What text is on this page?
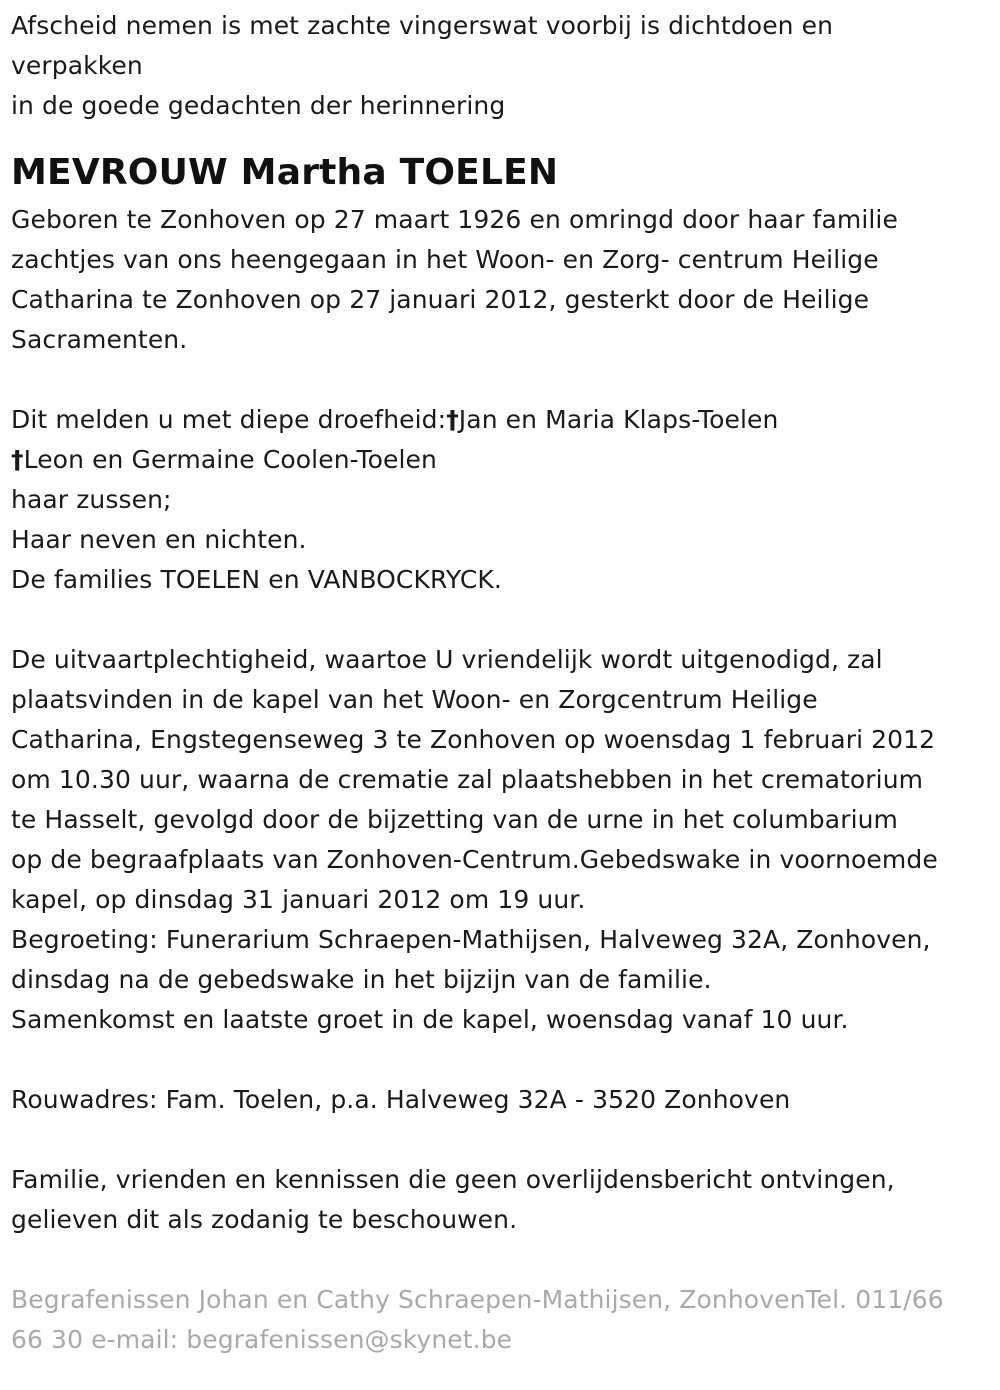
Afscheid nemen is met zachte vingerswat voorbij is dichtdoen en
verpakken
in de goede gedachten der herinnering
MEVROUW Martha TOELEN
Geboren te Zonhoven op 27 maart 1926 en omringd door haar familie
zachtjes van ons heengegaan in het Woon- en Zorg- centrum Heilige
Catharina te Zonhoven op 27 januari 2012, gesterkt door de Heilige
Sacramenten.
Dit melden u met diepe droefheid:†Jan en Maria Klaps-Toelen
†Leon en Germaine Coolen-Toelen
haar zussen;
Haar neven en nichten.
De families TOELEN en VANBOCKRYCK.
De uitvaartplechtigheid, waartoe U vriendelijk wordt uitgenodigd, zal
plaatsvinden in de kapel van het Woon- en Zorgcentrum Heilige
Catharina, Engstegenseweg 3 te Zonhoven op woensdag 1 februari 2012
om 10.30 uur, waarna de crematie zal plaatshebben in het crematorium
te Hasselt, gevolgd door de bijzetting van de urne in het columbarium
op de begraafplaats van Zonhoven-Centrum.Gebedswake in voornoemde
kapel, op dinsdag 31 januari 2012 om 19 uur.
Begroeting: Funerarium Schraepen-Mathijsen, Halveweg 32A, Zonhoven,
dinsdag na de gebedswake in het bijzijn van de familie.
Samenkomst en laatste groet in de kapel, woensdag vanaf 10 uur.
Rouwadres: Fam. Toelen, p.a. Halveweg 32A - 3520 Zonhoven
Familie, vrienden en kennissen die geen overlijdensbericht ontvingen,
gelieven dit als zodanig te beschouwen.
Begrafenissen Johan en Cathy Schraepen-Mathijsen, ZonhovenTel. 011/66
66 30 e-mail: begrafenissen@skynet.be
